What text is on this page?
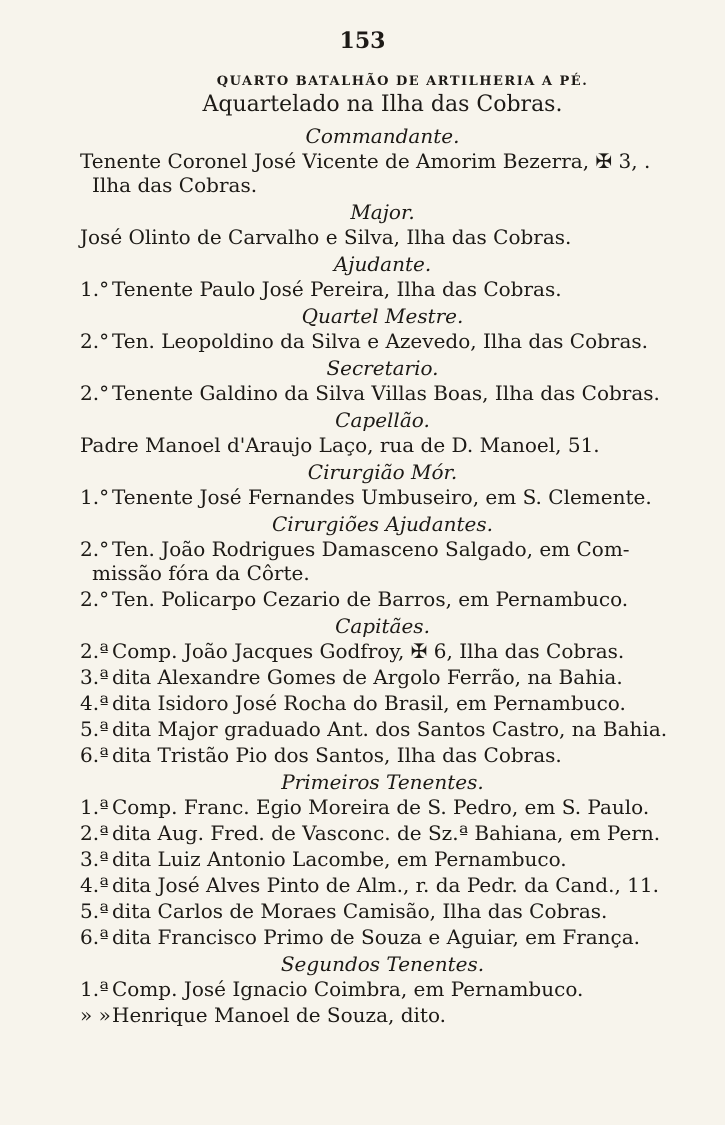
153
QUARTO BATALHÃO DE ARTILHERIA A PÉ.
Aquartelado na Ilha das Cobras.
Commandante.
Tenente Coronel José Vicente de Amorim Bezerra, ✠ 3, .
Ilha das Cobras.
Major.
José Olinto de Carvalho e Silva, Ilha das Cobras.
Ajudante.
1.° Tenente Paulo José Pereira, Ilha das Cobras.
Quartel Mestre.
2.° Ten. Leopoldino da Silva e Azevedo, Ilha das Cobras.
Secretario.
2.° Tenente Galdino da Silva Villas Boas, Ilha das Cobras.
Capellão.
Padre Manoel d'Araujo Laço, rua de D. Manoel, 51.
Cirurgião Mór.
1.° Tenente José Fernandes Umbuseiro, em S. Clemente.
Cirurgiões Ajudantes.
2.° Ten. João Rodrigues Damasceno Salgado, em Com-
missão fóra da Côrte.
2.° Ten. Policarpo Cezario de Barros, em Pernambuco.
Capitães.
2.ª Comp. João Jacques Godfroy, ✠ 6, Ilha das Cobras.
3.ª dita Alexandre Gomes de Argolo Ferrão, na Bahia.
4.ª dita Isidoro José Rocha do Brasil, em Pernambuco.
5.ª dita Major graduado Ant. dos Santos Castro, na Bahia.
6.ª dita Tristão Pio dos Santos, Ilha das Cobras.
Primeiros Tenentes.
1.ª Comp. Franc. Egio Moreira de S. Pedro, em S. Paulo.
2.ª dita Aug. Fred. de Vasconc. de Sz.ª Bahiana, em Pern.
3.ª dita Luiz Antonio Lacombe, em Pernambuco.
4.ª dita José Alves Pinto de Alm., r. da Pedr. da Cand., 11.
5.ª dita Carlos de Moraes Camisão, Ilha das Cobras.
6.ª dita Francisco Primo de Souza e Aguiar, em França.
Segundos Tenentes.
1.ª Comp. José Ignacio Coimbra, em Pernambuco.
» »Henrique Manoel de Souza, dito.
